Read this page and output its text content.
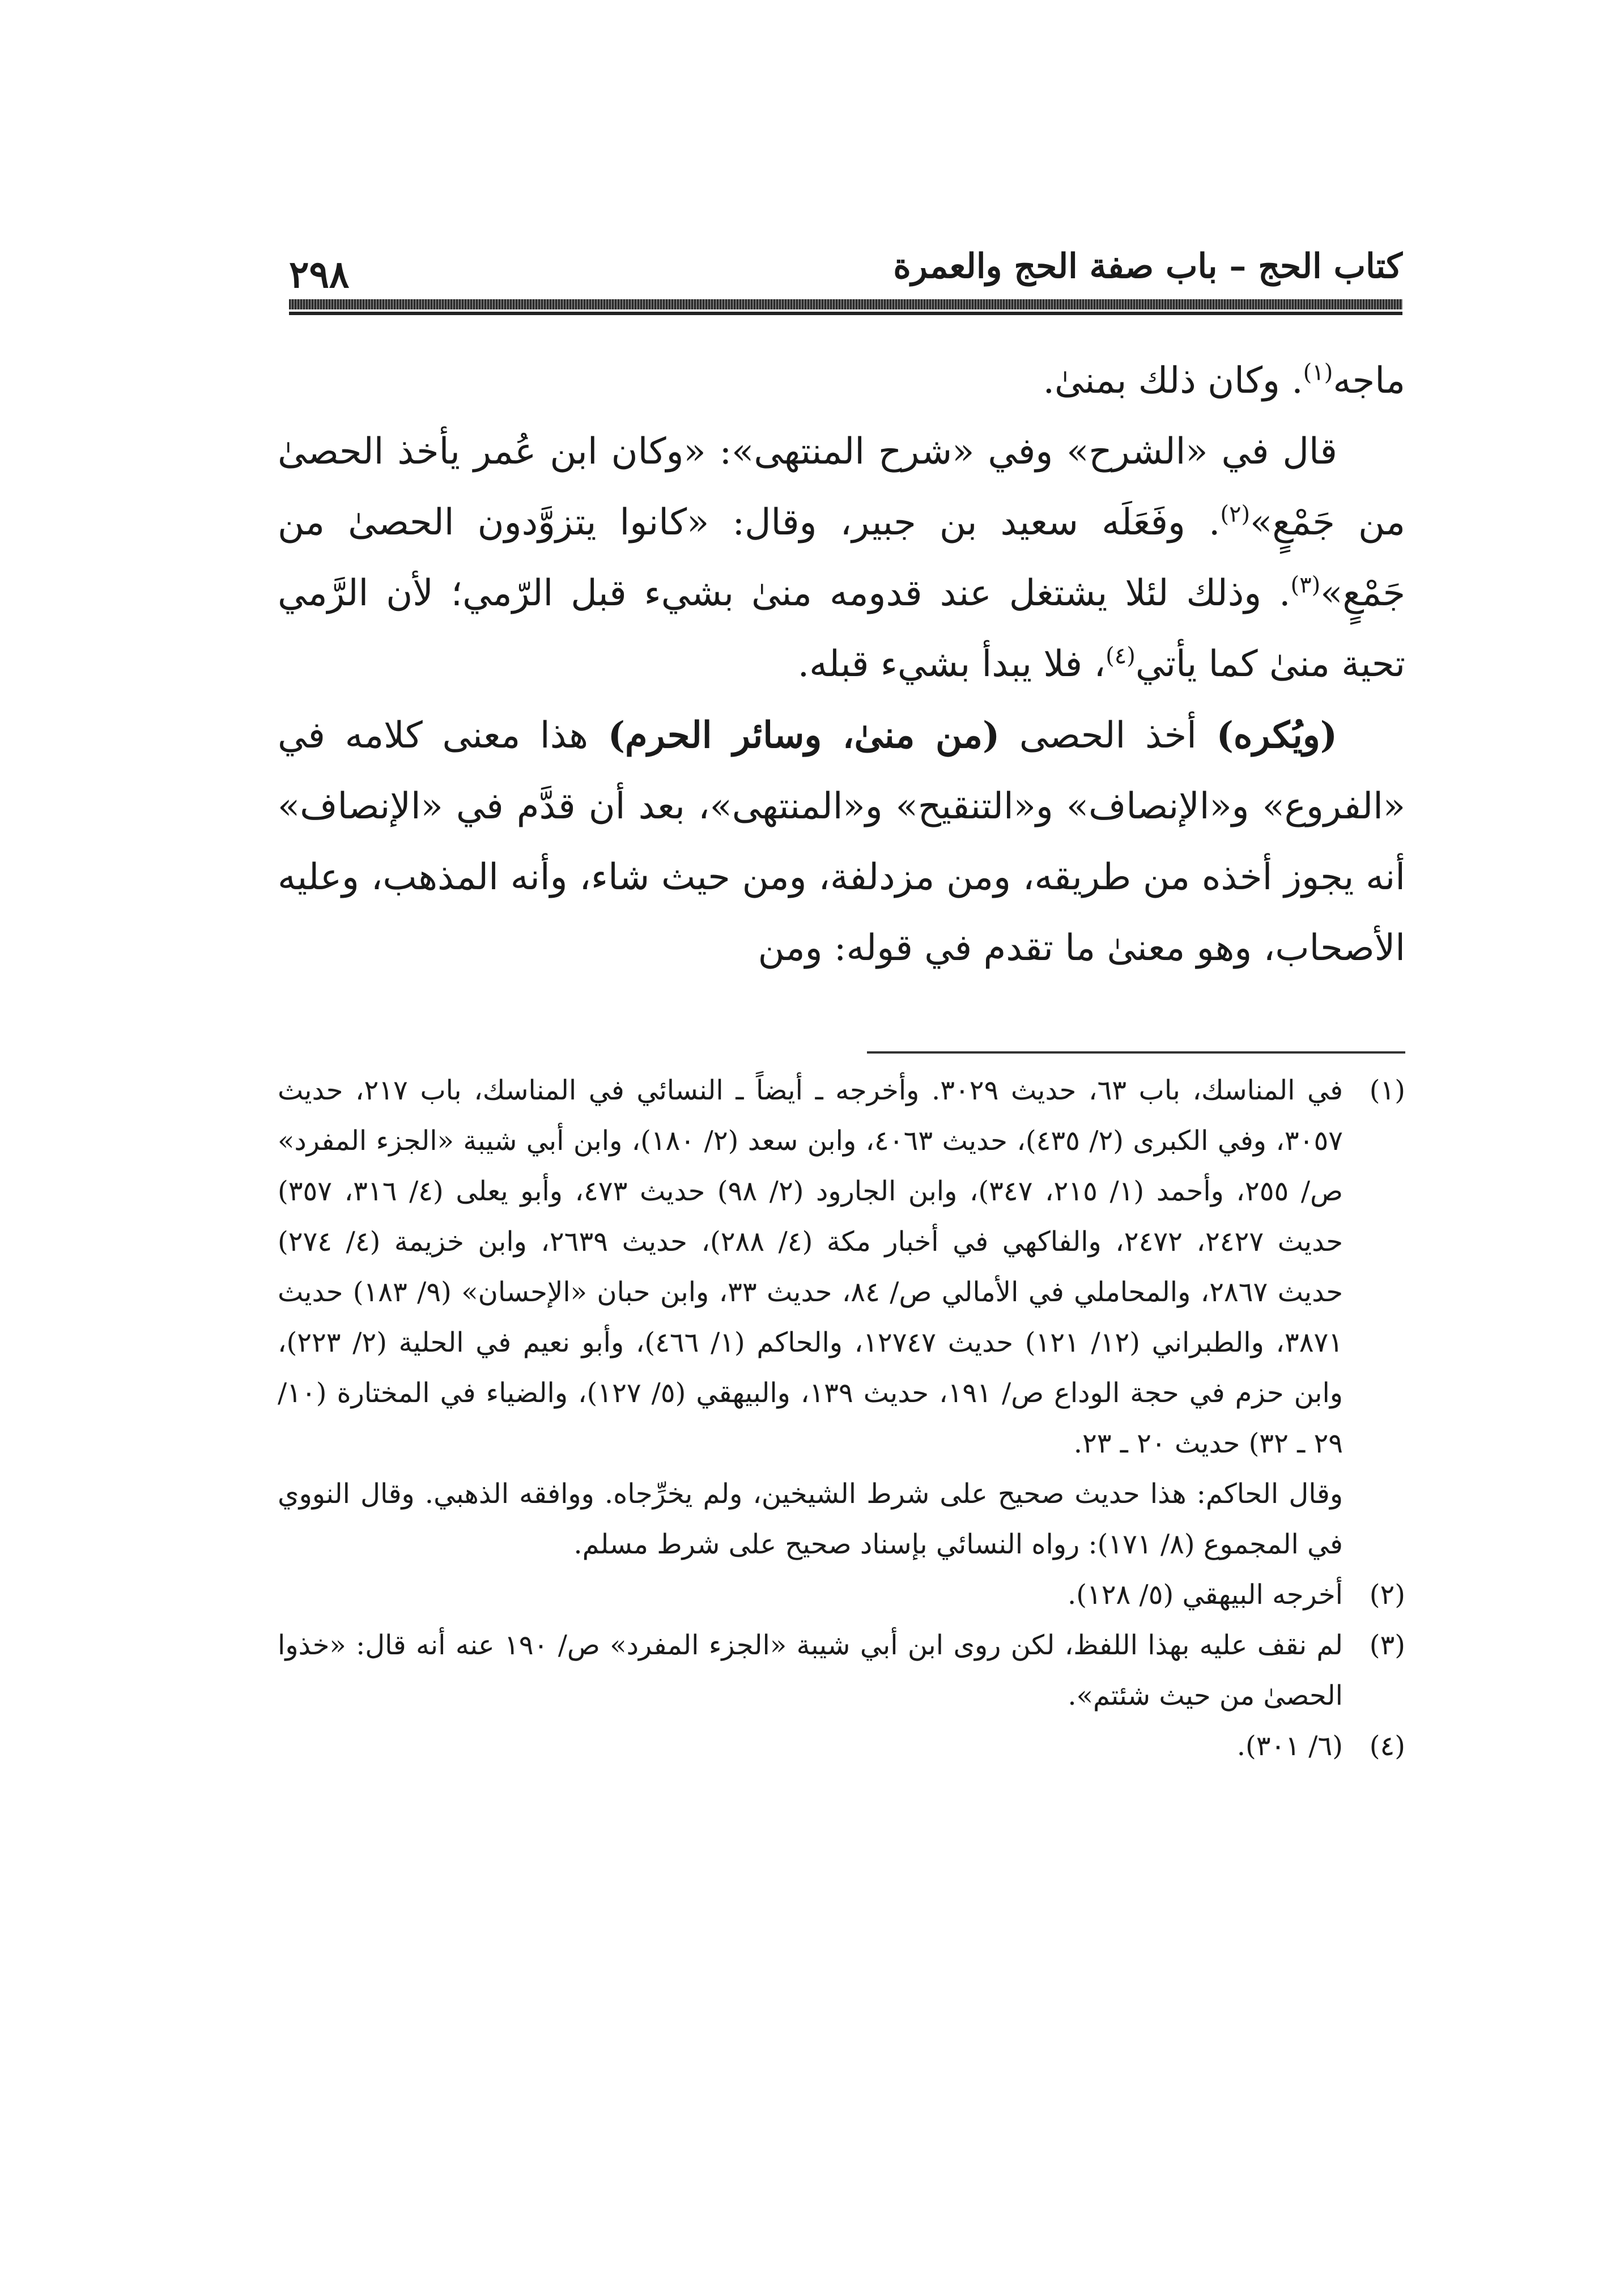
٢٩٨	كتاب الحج – باب صفة الحج والعمرة

ماجه$^{(١)}$. وكان ذلك بمنىٰ.

قال في «الشرح» وفي «شرح المنتهى»: «وكان ابن عُمر يأخذ الحصىٰ من جَمْعٍ»$^{(٢)}$. وفَعَلَه سعيد بن جبير، وقال: «كانوا يتزوَّدون الحصىٰ من جَمْعٍ»$^{(٣)}$. وذلك لئلا يشتغل عند قدومه منىٰ بشيء قبل الرّمي؛ لأن الرَّمي تحية منىٰ كما يأتي$^{(٤)}$، فلا يبدأ بشيء قبله.

(ويُكره) أخذ الحصى (من منىٰ، وسائر الحرم) هذا معنى كلامه في «الفروع» و«الإنصاف» و«التنقيح» و«المنتهى»، بعد أن قدَّم في «الإنصاف» أنه يجوز أخذه من طريقه، ومن مزدلفة، ومن حيث شاء، وأنه المذهب، وعليه الأصحاب، وهو معنىٰ ما تقدم في قوله: ومن

(١)

في المناسك، باب ٦٣، حديث ٣٠٢٩. وأخرجه ـ أيضاً ـ النسائي في المناسك، باب ٢١٧، حديث ٣٠٥٧، وفي الكبرى (٢/ ٤٣٥)، حديث ٤٠٦٣، وابن سعد (٢/ ١٨٠)، وابن أبي شيبة «الجزء المفرد» ص/ ٢٥٥، وأحمد (١/ ٢١٥، ٣٤٧)، وابن الجارود (٢/ ٩٨) حديث ٤٧٣، وأبو يعلى (٤/ ٣١٦، ٣٥٧) حديث ٢٤٢٧، ٢٤٧٢، والفاكهي في أخبار مكة (٤/ ٢٨٨)، حديث ٢٦٣٩، وابن خزيمة (٤/ ٢٧٤) حديث ٢٨٦٧، والمحاملي في الأمالي ص/ ٨٤، حديث ٣٣، وابن حبان «الإحسان» (٩/ ١٨٣) حديث ٣٨٧١، والطبراني (١٢/ ١٢١) حديث ١٢٧٤٧، والحاكم (١/ ٤٦٦)، وأبو نعيم في الحلية (٢/ ٢٢٣)، وابن حزم في حجة الوداع ص/ ١٩١، حديث ١٣٩، والبيهقي (٥/ ١٢٧)، والضياء في المختارة (١٠/ ٢٩ ـ ٣٢) حديث ٢٠ ـ ٢٣.

وقال الحاكم: هذا حديث صحيح على شرط الشيخين، ولم يخرِّجاه. ووافقه الذهبي. وقال النووي في المجموع (٨/ ١٧١): رواه النسائي بإسناد صحيح على شرط مسلم.

(٢)

أخرجه البيهقي (٥/ ١٢٨).

(٣)

لم نقف عليه بهذا اللفظ، لكن روى ابن أبي شيبة «الجزء المفرد» ص/ ١٩٠ عنه أنه قال: «خذوا الحصىٰ من حيث شئتم».

(٤)

(٦/ ٣٠١).
